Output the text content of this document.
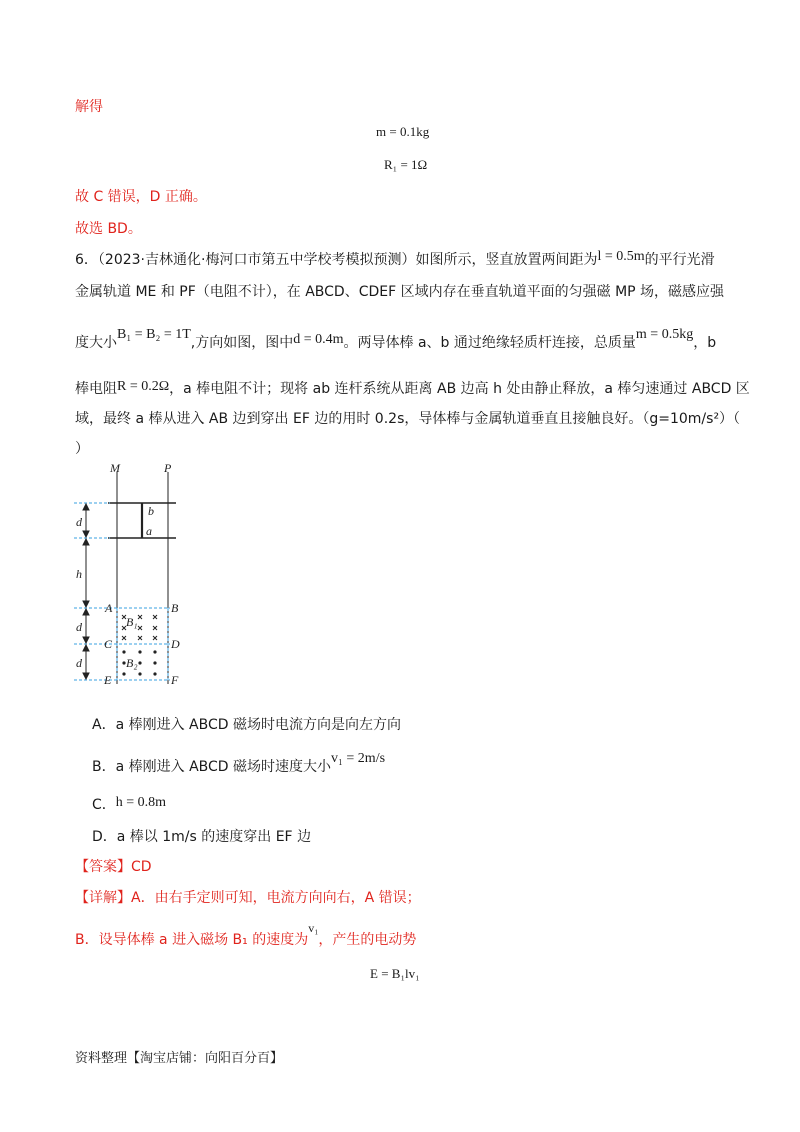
解得
m = 0.1kg
R₁ = 1Ω
故 C 错误，D 正确。
故选 BD。
6．（2023·吉林通化·梅河口市第五中学校考模拟预测）如图所示，竖直放置两间距为l = 0.5m的平行光滑
金属轨道 ME 和 PF（电阻不计），在 ABCD、CDEF 区域内存在垂直轨道平面的匀强磁 MP 场，磁感应强
度大小B₁ = B₂ = 1T,方向如图，图中d = 0.4m。两导体棒 a、b 通过绝缘轻质杆连接，总质量m = 0.5kg，b
棒电阻R = 0.2Ω，a 棒电阻不计；现将 ab 连杆系统从距离 AB 边高 h 处由静止释放，a 棒匀速通过 ABCD 区
域，最终 a 棒从进入 AB 边到穿出 EF 边的用时 0.2s，导体棒与金属轨道垂直且接触良好。（g=10m/s²）（
）
M	P
b
a
d
h
d
d
A	B
C	D
E	F
B₁
B₂
A．a 棒刚进入 ABCD 磁场时电流方向是向左方向
B．a 棒刚进入 ABCD 磁场时速度大小v₁ = 2m/s
C．h = 0.8m
D．a 棒以 1m/s 的速度穿出 EF 边
【答案】CD
【详解】A．由右手定则可知，电流方向向右，A 错误；
B．设导体棒 a 进入磁场 B₁ 的速度为v₁，产生的电动势
E = B₁lv₁
资料整理【淘宝店铺：向阳百分百】
